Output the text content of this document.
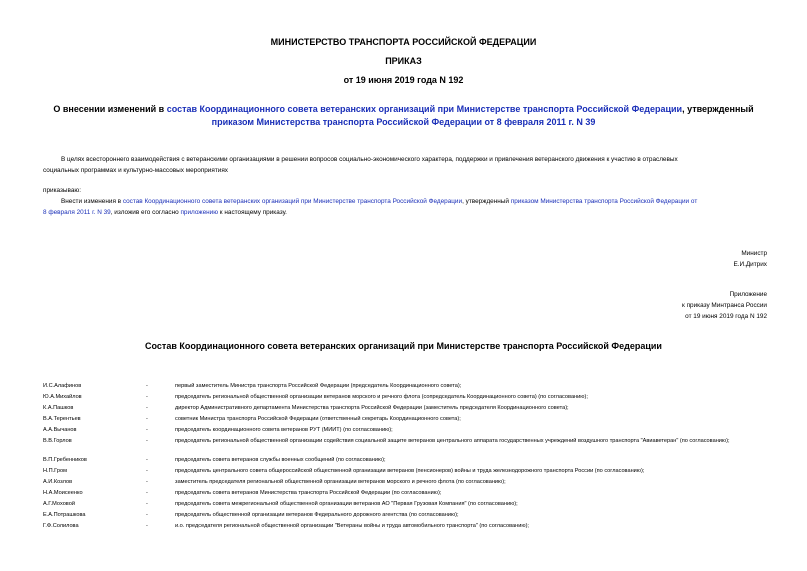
МИНИСТЕРСТВО ТРАНСПОРТА РОССИЙСКОЙ ФЕДЕРАЦИИ
ПРИКАЗ
от 19 июня 2019 года N 192
О внесении изменений в состав Координационного совета ветеранских организаций при Министерстве транспорта Российской Федерации, утвержденный
приказом Министерства транспорта Российской Федерации от 8 февраля 2011 г. N 39
В целях всестороннего взаимодействия с ветеранскими организациями в решении вопросов социально-экономического характера, поддержки и привлечения ветеранского движения к участию в отраслевых
социальных программах и культурно-массовых мероприятиях
приказываю:
Внести изменения в состав Координационного совета ветеранских организаций при Министерстве транспорта Российской Федерации, утвержденный приказом Министерства транспорта Российской Федерации от
8 февраля 2011 г. N 39, изложив его согласно приложению к настоящему приказу.
Министр
Е.И.Дитрих
Приложение
к приказу Минтранса России
от 19 июня 2019 года N 192
Состав Координационного совета ветеранских организаций при Министерстве транспорта Российской Федерации
И.С.Алафинов	-	первый заместитель Министра транспорта Российской Федерации (председатель Координационного совета);
Ю.А.Михайлов	-	председатель региональной общественной организации ветеранов морского и речного флота (сопредседатель Координационного совета) (по согласованию);
К.А.Пашков	-	директор Административного департамента Министерства транспорта Российской Федерации (заместитель председателя Координационного совета);
В.А.Терентьев	-	советник Министра транспорта Российской Федерации (ответственный секретарь Координационного совета);
А.А.Вычанов	-	председатель координационного совета ветеранов РУТ (МИИТ) (по согласованию);
В.В.Горлов	-	председатель региональной общественной организации содействия социальной защите ветеранов центрального аппарата государственных учреждений воздушного транспорта "Авиаветеран" (по согласованию);
В.П.Гребенников	-	председатель совета ветеранов службы военных сообщений (по согласованию);
Н.П.Гром	-	председатель центрального совета общероссийской общественной организации ветеранов (пенсионеров) войны и труда железнодорожного транспорта России (по согласованию);
А.И.Козлов	-	заместитель председателя региональной общественной организации ветеранов морского и речного флота (по согласованию);
Н.А.Моисеенко	-	председатель совета ветеранов Министерства транспорта Российской Федерации (по согласованию);
А.Г.Моховой	-	председатель совета межрегиональной общественной организации ветеранов АО "Первая Грузовая Компания" (по согласованию);
Е.А.Потрашкова	-	председатель общественной организации ветеранов Федерального дорожного агентства (по согласованию);
Г.Ф.Солилова	-	и.о. председателя региональной общественной организации "Ветераны войны и труда автомобильного транспорта" (по согласованию);
